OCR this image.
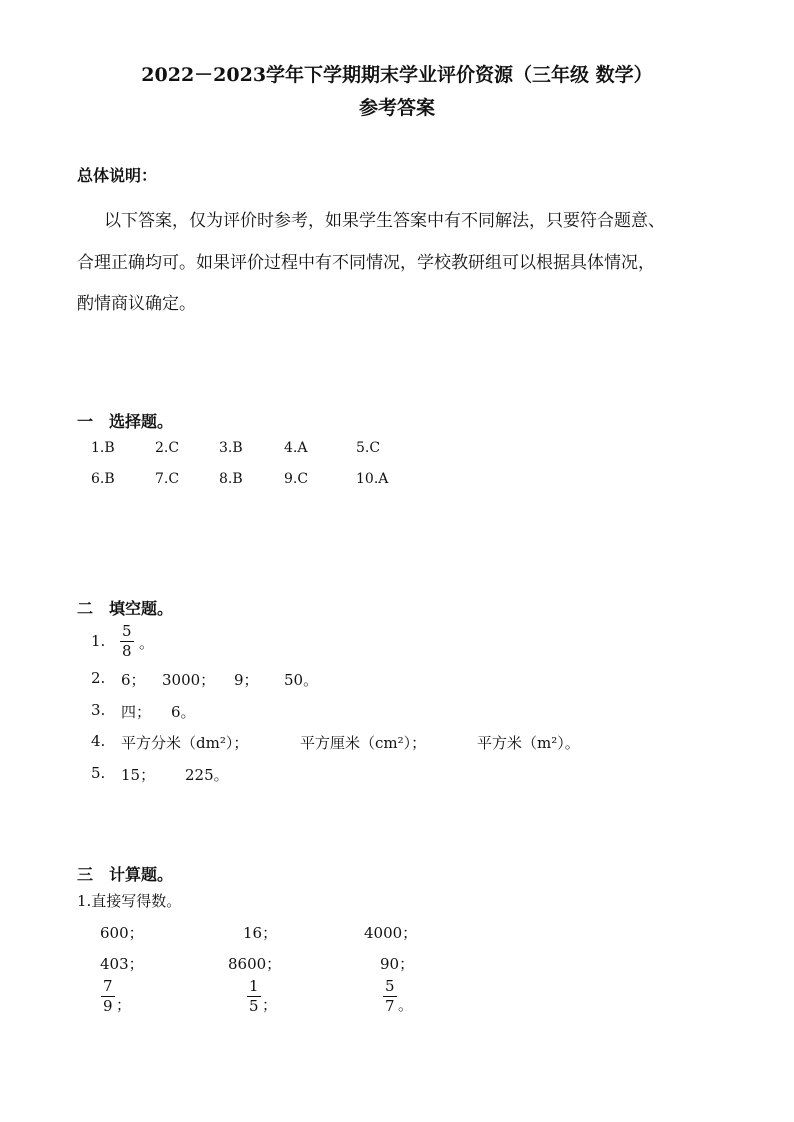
2022－2023学年下学期期末学业评价资源（三年级 数学）
参考答案
总体说明：
以下答案，仅为评价时参考，如果学生答案中有不同解法，只要符合题意、
合理正确均可。如果评价过程中有不同情况，学校教研组可以根据具体情况，
酌情商议确定。
一　选择题。
1.B	2.C	3.B	4.A	5.C
6.B	7.C	8.B	9.C	10.A
二　填空题。
1. $\frac{5}{8}$ 。
2. 6； 3000； 9； 50。
3. 四； 6。
4. 平方分米（dm²）；	平方厘米（cm²）；	平方米（m²）。
5. 15； 225。
三　计算题。
1.直接写得数。
600；	16；	4000；
403；	8600；	90；
$\frac{7}{9}$ ；	$\frac{1}{5}$ ；	$\frac{5}{7}$ 。
